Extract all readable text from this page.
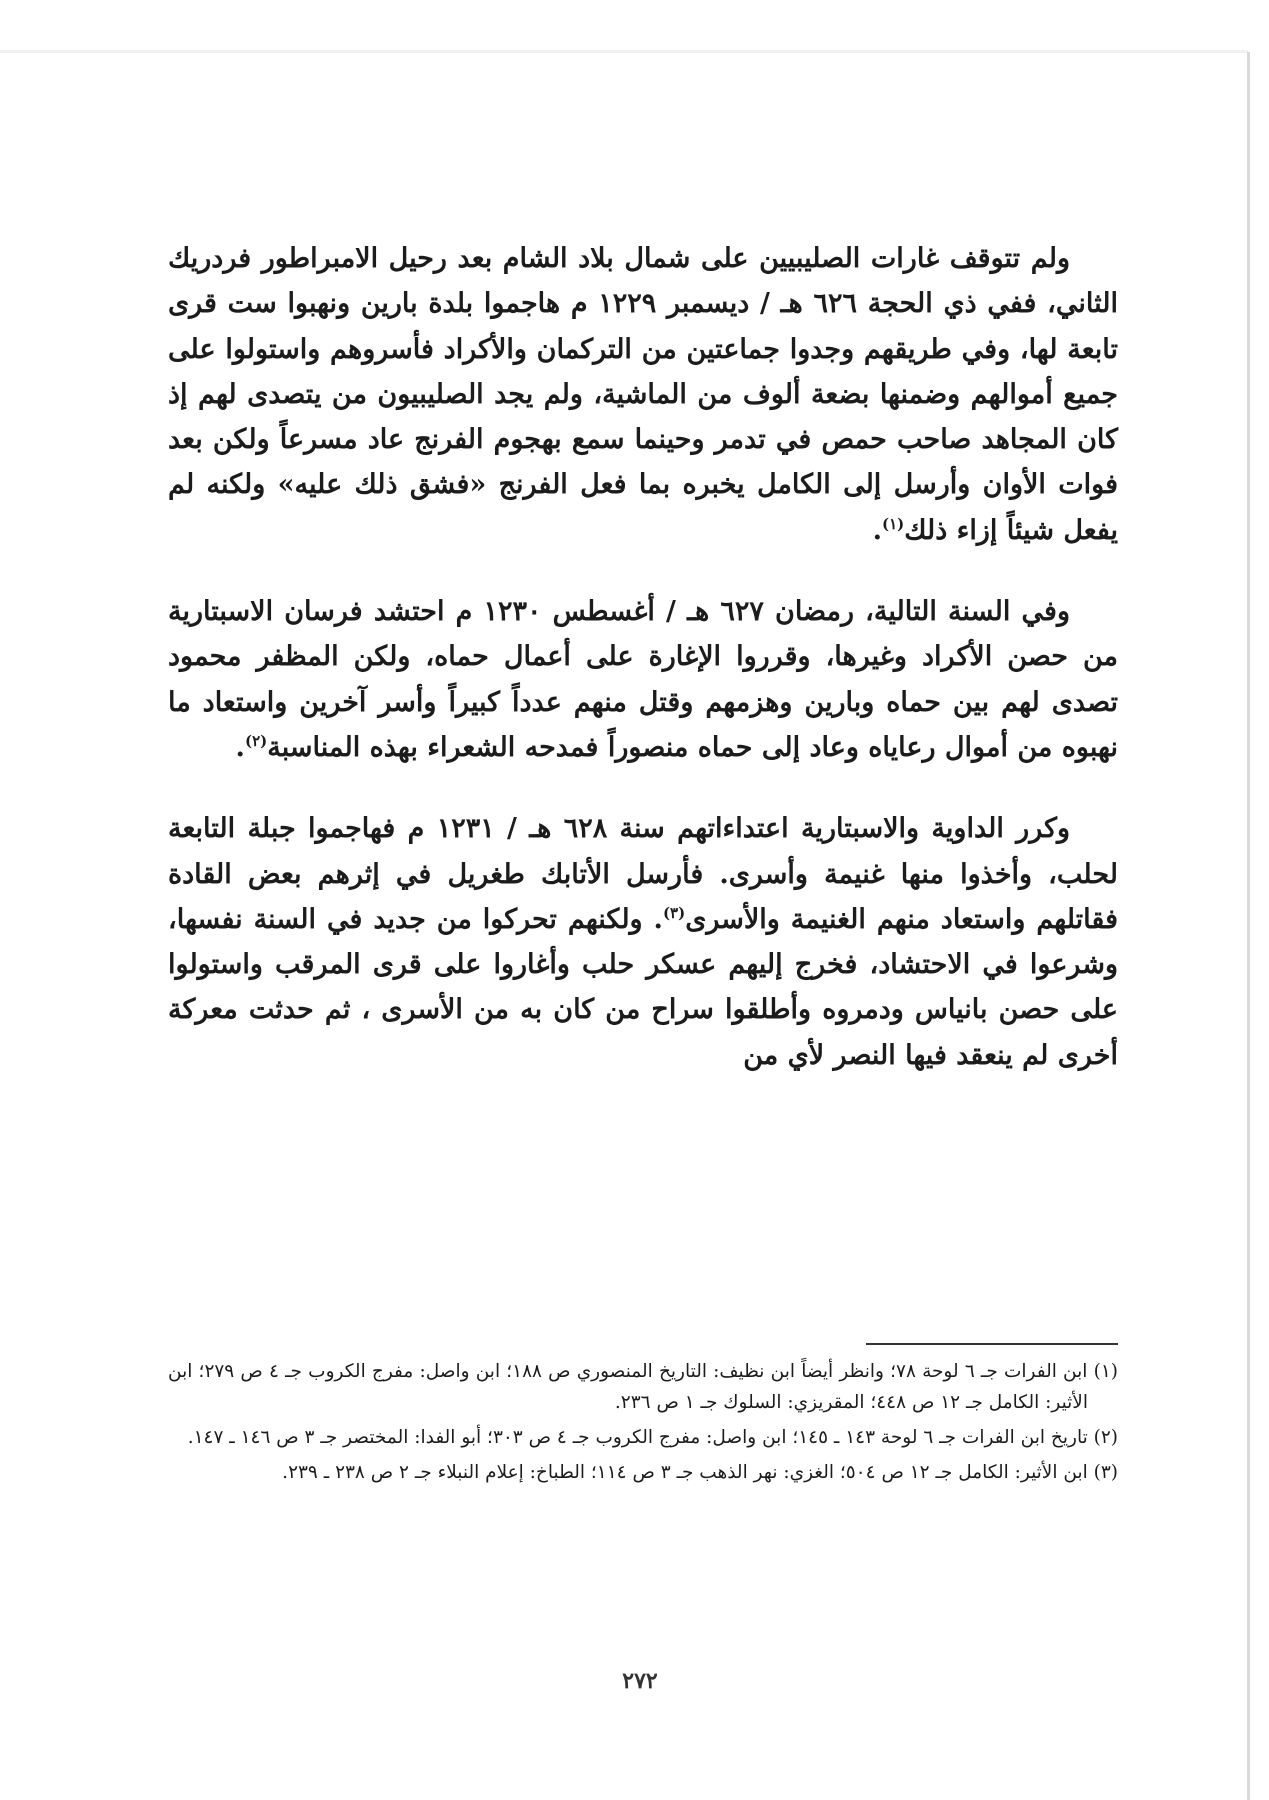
ولم تتوقف غارات الصليبيين على شمال بلاد الشام بعد رحيل الامبراطور فردريك الثاني، ففي ذي الحجة ٦٢٦ هـ / ديسمبر ١٢٢٩ م هاجموا بلدة بارين ونهبوا ست قرى تابعة لها، وفي طريقهم وجدوا جماعتين من التركمان والأكراد فأسروهم واستولوا على جميع أموالهم وضمنها بضعة ألوف من الماشية، ولم يجد الصليبيون من يتصدى لهم إذ كان المجاهد صاحب حمص في تدمر وحينما سمع بهجوم الفرنج عاد مسرعاً ولكن بعد فوات الأوان وأرسل إلى الكامل يخبره بما فعل الفرنج «فشق ذلك عليه» ولكنه لم يفعل شيئاً إزاء ذلك$^{(١)}$.

وفي السنة التالية، رمضان ٦٢٧ هـ / أغسطس ١٢٣٠ م احتشد فرسان الاسبتارية من حصن الأكراد وغيرها، وقرروا الإغارة على أعمال حماه، ولكن المظفر محمود تصدى لهم بين حماه وبارين وهزمهم وقتل منهم عدداً كبيراً وأسر آخرين واستعاد ما نهبوه من أموال رعاياه وعاد إلى حماه منصوراً فمدحه الشعراء بهذه المناسبة$^{(٢)}$.

وكرر الداوية والاسبتارية اعتداءاتهم سنة ٦٢٨ هـ / ١٢٣١ م فهاجموا جبلة التابعة لحلب، وأخذوا منها غنيمة وأسرى. فأرسل الأتابك طغريل في إثرهم بعض القادة فقاتلهم واستعاد منهم الغنيمة والأسرى$^{(٣)}$. ولكنهم تحركوا من جديد في السنة نفسها، وشرعوا في الاحتشاد، فخرج إليهم عسكر حلب وأغاروا على قرى المرقب واستولوا على حصن بانياس ودمروه وأطلقوا سراح من كان به من الأسرى ، ثم حدثت معركة أخرى لم ينعقد فيها النصر لأي من

(١) ابن الفرات جـ ٦ لوحة ٧٨؛ وانظر أيضاً ابن نظيف: التاريخ المنصوري ص ١٨٨؛ ابن واصل: مفرج الكروب جـ ٤ ص ٢٧٩؛ ابن الأثير: الكامل جـ ١٢ ص ٤٤٨؛ المقريزي: السلوك جـ ١ ص ٢٣٦.

(٢) تاريخ ابن الفرات جـ ٦ لوحة ١٤٣ ـ ١٤٥؛ ابن واصل: مفرج الكروب جـ ٤ ص ٣٠٣؛ أبو الفدا: المختصر جـ ٣ ص ١٤٦ ـ ١٤٧.

(٣) ابن الأثير: الكامل جـ ١٢ ص ٥٠٤؛ الغزي: نهر الذهب جـ ٣ ص ١١٤؛ الطباخ: إعلام النبلاء جـ ٢ ص ٢٣٨ ـ ٢٣٩.

٢٧٢
